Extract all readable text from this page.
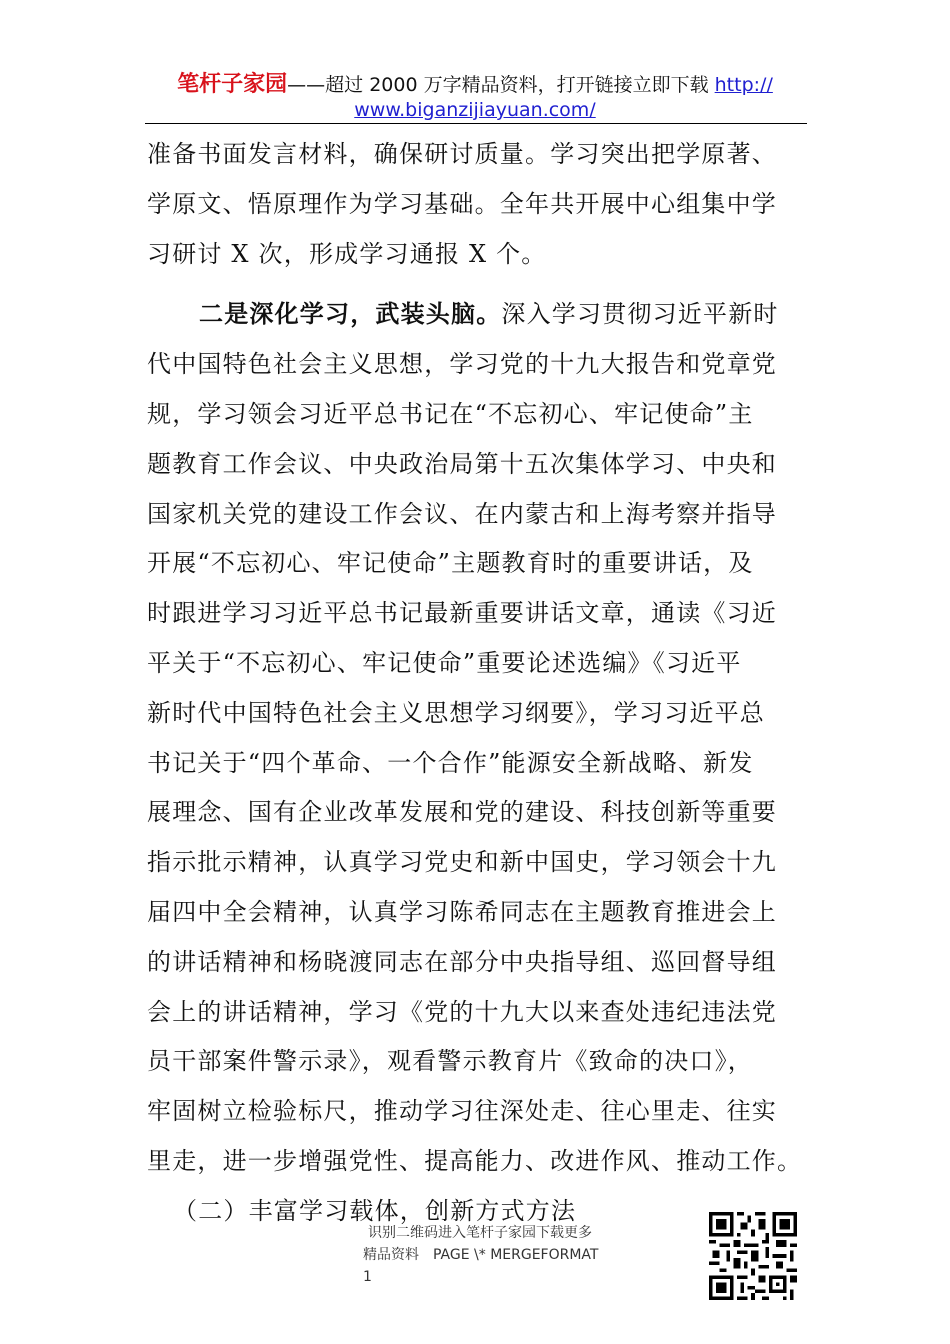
笔杆子家园——超过 2000 万字精品资料，打开链接立即下载 http://
www.biganzijiayuan.com/
准备书面发言材料，确保研讨质量。学习突出把学原著、
学原文、悟原理作为学习基础。全年共开展中心组集中学
习研讨 X 次，形成学习通报 X 个。
二是深化学习，武装头脑。深入学习贯彻习近平新时
代中国特色社会主义思想，学习党的十九大报告和党章党
规，学习领会习近平总书记在“不忘初心、牢记使命”主
题教育工作会议、中央政治局第十五次集体学习、中央和
国家机关党的建设工作会议、在内蒙古和上海考察并指导
开展“不忘初心、牢记使命”主题教育时的重要讲话，及
时跟进学习习近平总书记最新重要讲话文章，通读《习近
平关于“不忘初心、牢记使命”重要论述选编》《习近平
新时代中国特色社会主义思想学习纲要》，学习习近平总
书记关于“四个革命、一个合作”能源安全新战略、新发
展理念、国有企业改革发展和党的建设、科技创新等重要
指示批示精神，认真学习党史和新中国史，学习领会十九
届四中全会精神，认真学习陈希同志在主题教育推进会上
的讲话精神和杨晓渡同志在部分中央指导组、巡回督导组
会上的讲话精神，学习《党的十九大以来查处违纪违法党
员干部案件警示录》，观看警示教育片《致命的决口》，
牢固树立检验标尺，推动学习往深处走、往心里走、往实
里走，进一步增强党性、提高能力、改进作风、推动工作。
（二）丰富学习载体，创新方式方法
识别二维码进入笔杆子家园下载更多
精品资料　PAGE \* MERGEFORMAT 1
